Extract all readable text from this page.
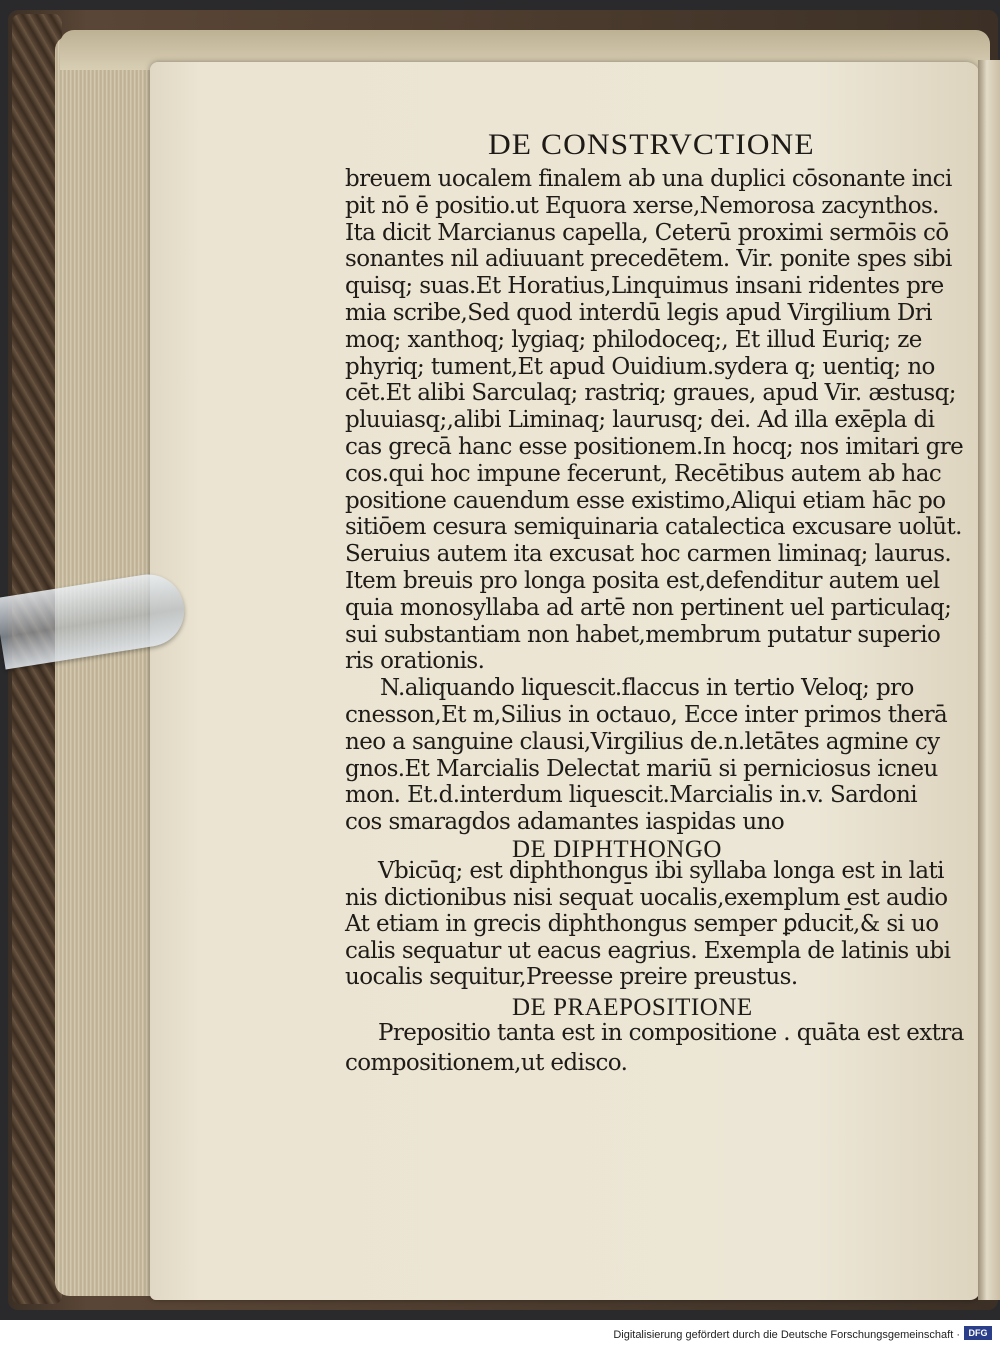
DE CONSTRVCTIONE
breuem uocalem finalem ab una duplici cōsonante inci
pit nō ē positio.ut Equora xerse,Nemorosa zacynthos.
Ita dicit Marcianus capella, Ceterū proximi sermōis cō
sonantes nil adiuuant precedētem. Vir. ponite spes sibi
quisq; suas.Et Horatius,Linquimus insani ridentes pre
mia scribe,Sed quod interdū legis apud Virgilium Dri
moq; xanthoq; lygiaq; philodoceq;, Et illud Euriq; ze
phyriq; tument,Et apud Ouidium.sydera q; uentiq; no
cēt.Et alibi Sarculaq; rastriq; graues, apud Vir. æstusq;
pluuiasq;,alibi Liminaq; laurusq; dei. Ad illa exēpla di
cas grecā hanc esse positionem.In hocq; nos imitari gre
cos.qui hoc impune fecerunt, Recētibus autem ab hac
positione cauendum esse existimo,Aliqui etiam hāc po
sitiōem cesura semiquinaria catalectica excusare uolūt.
Seruius autem ita excusat hoc carmen liminaq; laurus.
Item breuis pro longa posita est,defenditur autem uel
quia monosyllaba ad artē non pertinent uel particulaq;
sui substantiam non habet,membrum putatur superio
ris orationis.
N.aliquando liquescit.flaccus in tertio Veloq; pro
cnesson,Et m,Silius in octauo, Ecce inter primos therā
neo a sanguine clausi,Virgilius de.n.letātes agmine cy
gnos.Et Marcialis Delectat mariū si perniciosus icneu
mon. Et.d.interdum liquescit.Marcialis in.v. Sardoni
cos smaragdos adamantes iaspidas uno
DE DIPHTHONGO
Vbicūq; est diphthongus ibi syllaba longa est in lati
nis dictionibus nisi sequat̄ uocalis,exemplum est audio
At etiam in grecis diphthongus semper ꝑducit̄,& si uo
calis sequatur ut eacus eagrius. Exempla de latinis ubi
uocalis sequitur,Preesse preire preustus.
DE PRAEPOSITIONE
Prepositio tanta est in compositione . quāta est extra
compositionem,ut edisco.
Digitalisierung gefördert durch die Deutsche Forschungsgemeinschaft · DFG
